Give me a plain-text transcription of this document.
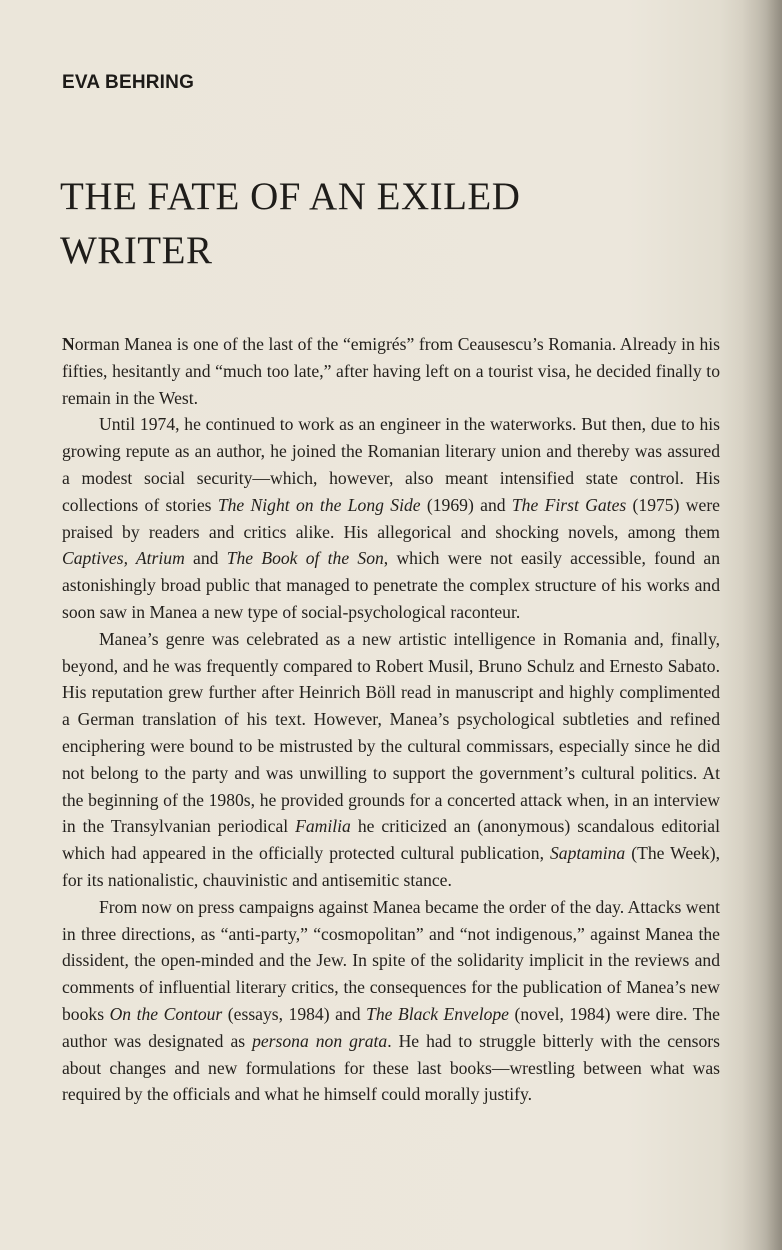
EVA BEHRING
THE FATE OF AN EXILED WRITER

Norman Manea is one of the last of the “emigrés” from Ceausescu’s Romania. Already in his fifties, hesitantly and “much too late,” after having left on a tourist visa, he decided finally to remain in the West.

Until 1974, he continued to work as an engineer in the waterworks. But then, due to his growing repute as an author, he joined the Romanian literary union and thereby was assured a modest social security—which, however, also meant intensified state control. His collections of stories The Night on the Long Side (1969) and The First Gates (1975) were praised by readers and critics alike. His allegorical and shocking novels, among them Captives, Atrium and The Book of the Son, which were not easily accessible, found an astonishingly broad public that managed to penetrate the complex structure of his works and soon saw in Manea a new type of social-psychological raconteur.

Manea’s genre was celebrated as a new artistic intelligence in Romania and, finally, beyond, and he was frequently compared to Robert Musil, Bruno Schulz and Ernesto Sabato. His reputation grew further after Heinrich Böll read in manuscript and highly complimented a German translation of his text. However, Manea’s psychological subtleties and refined enciphering were bound to be mistrusted by the cultural commissars, especially since he did not belong to the party and was unwilling to support the government’s cultural politics. At the beginning of the 1980s, he provided grounds for a concerted attack when, in an interview in the Transylvanian periodical Familia he criticized an (anonymous) scandalous editorial which had appeared in the officially protected cultural publication, Saptamina (The Week), for its nationalistic, chauvinistic and antisemitic stance.

From now on press campaigns against Manea became the order of the day. Attacks went in three directions, as “anti-party,” “cosmopolitan” and “not indigenous,” against Manea the dissident, the open-minded and the Jew. In spite of the solidarity implicit in the reviews and comments of influential literary critics, the consequences for the publication of Manea’s new books On the Contour (essays, 1984) and The Black Envelope (novel, 1984) were dire. The author was designated as persona non grata. He had to struggle bitterly with the censors about changes and new formulations for these last books—wrestling between what was required by the officials and what he himself could morally justify.
